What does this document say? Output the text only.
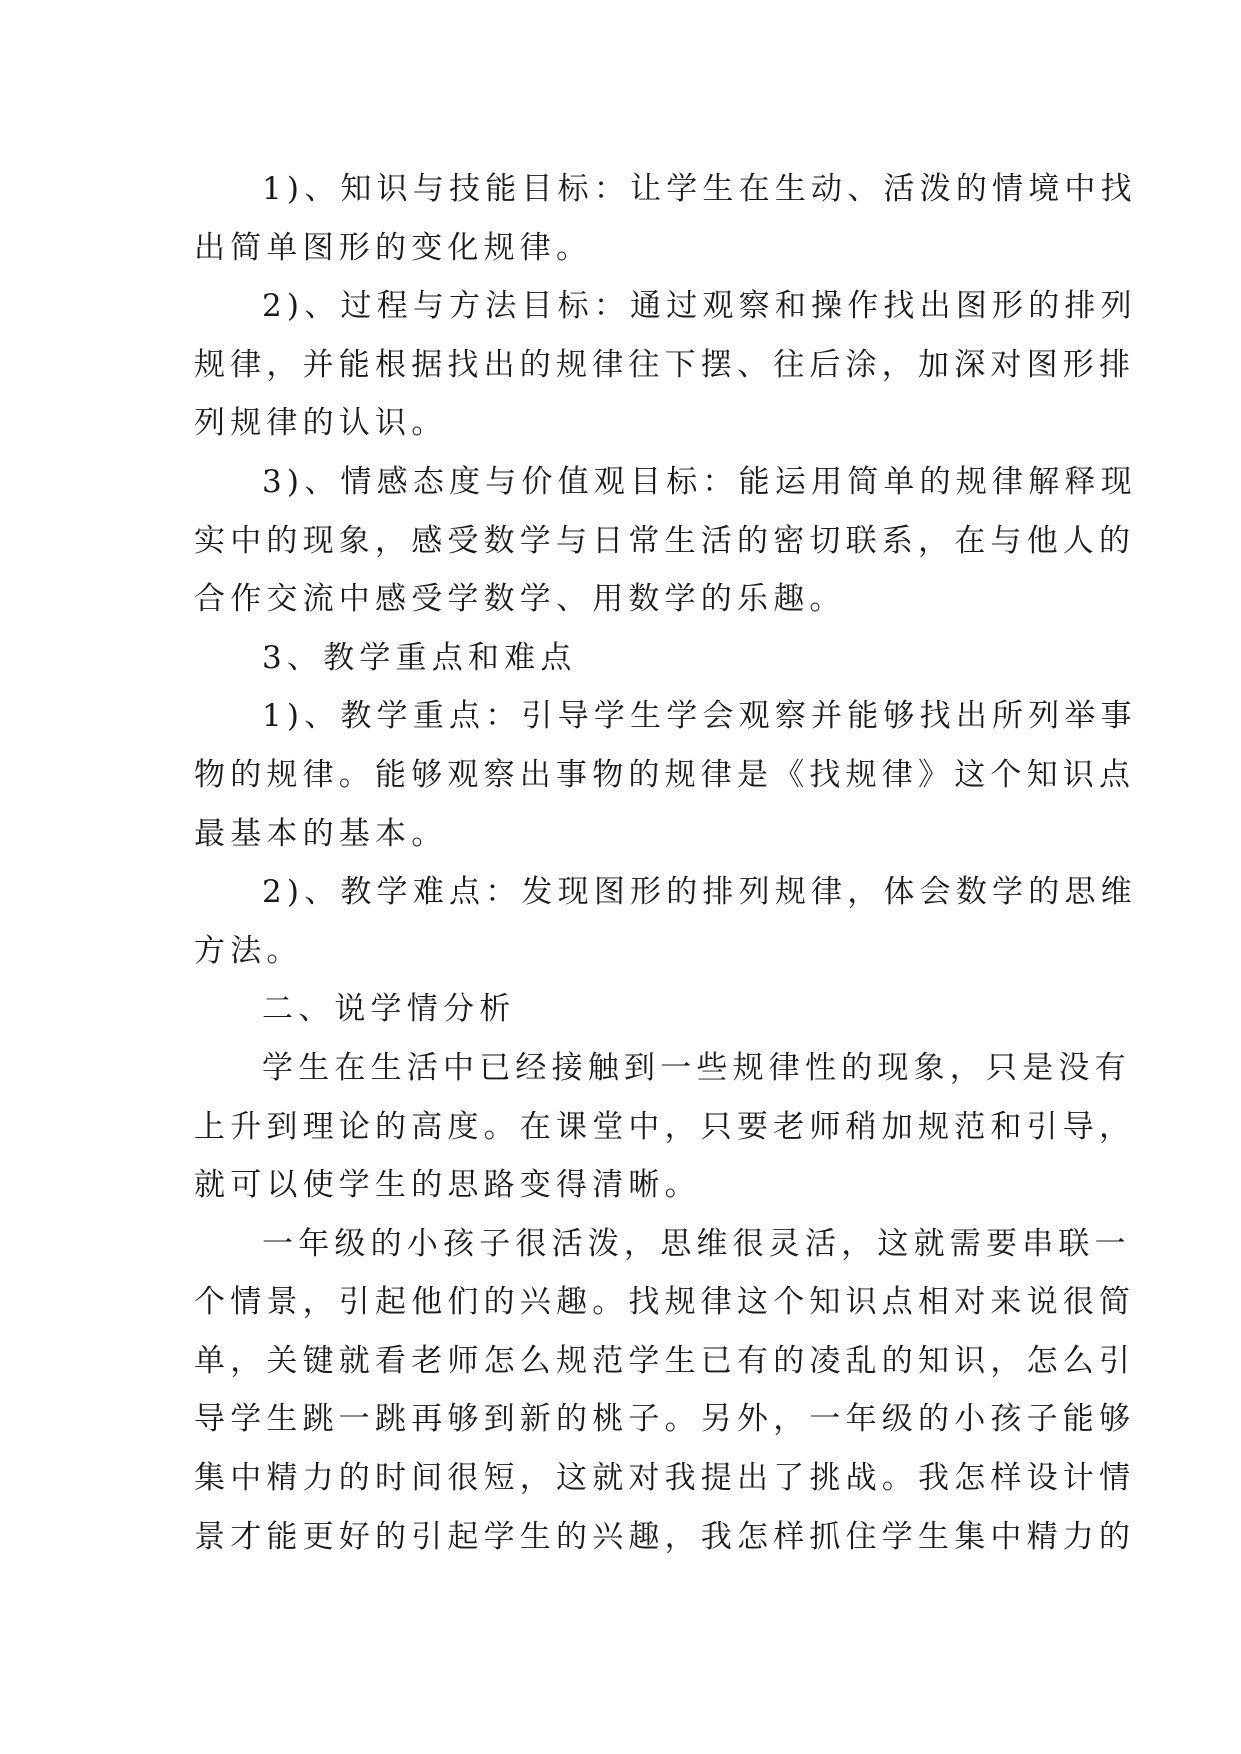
1)、知识与技能目标：让学生在生动、活泼的情境中找
出简单图形的变化规律。

2)、过程与方法目标：通过观察和操作找出图形的排列
规律，并能根据找出的规律往下摆、往后涂，加深对图形排
列规律的认识。

3)、情感态度与价值观目标：能运用简单的规律解释现
实中的现象，感受数学与日常生活的密切联系，在与他人的
合作交流中感受学数学、用数学的乐趣。

3、教学重点和难点

1)、教学重点：引导学生学会观察并能够找出所列举事
物的规律。能够观察出事物的规律是《找规律》这个知识点
最基本的基本。

2)、教学难点：发现图形的排列规律，体会数学的思维
方法。

二、说学情分析

学生在生活中已经接触到一些规律性的现象，只是没有
上升到理论的高度。在课堂中，只要老师稍加规范和引导，
就可以使学生的思路变得清晰。

一年级的小孩子很活泼，思维很灵活，这就需要串联一
个情景，引起他们的兴趣。找规律这个知识点相对来说很简
单，关键就看老师怎么规范学生已有的凌乱的知识，怎么引
导学生跳一跳再够到新的桃子。另外，一年级的小孩子能够
集中精力的时间很短，这就对我提出了挑战。我怎样设计情
景才能更好的引起学生的兴趣，我怎样抓住学生集中精力的
